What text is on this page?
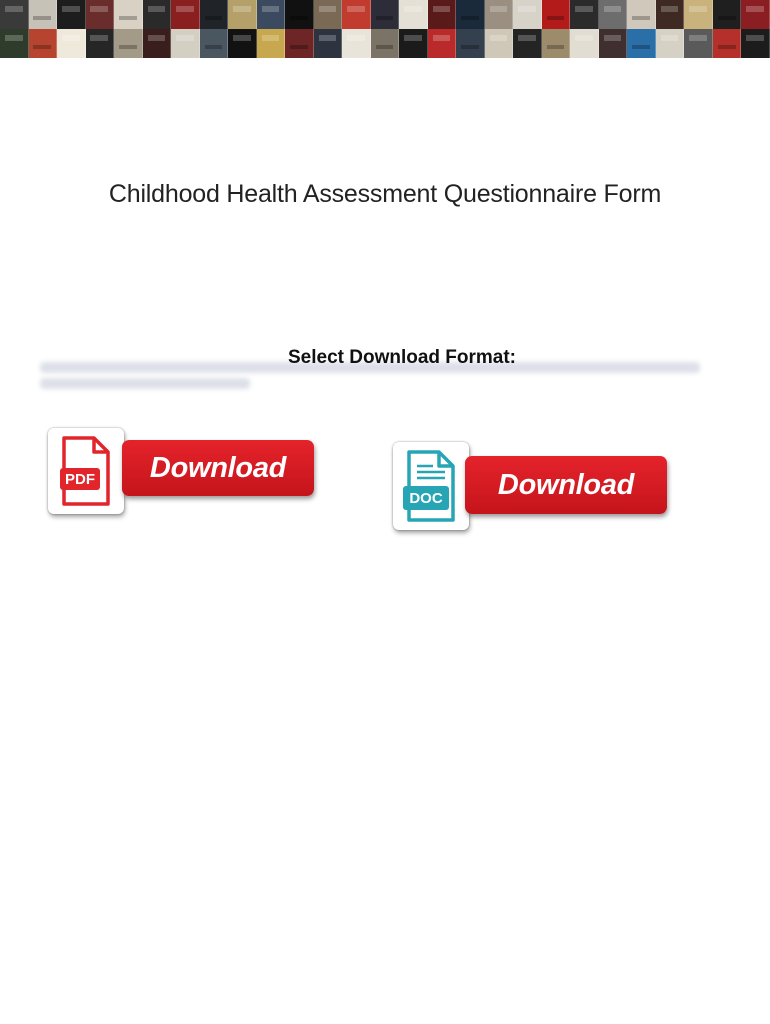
Childhood Health Assessment Questionnaire Form
Select Download Format:
PDF	Download
DOC	Download
